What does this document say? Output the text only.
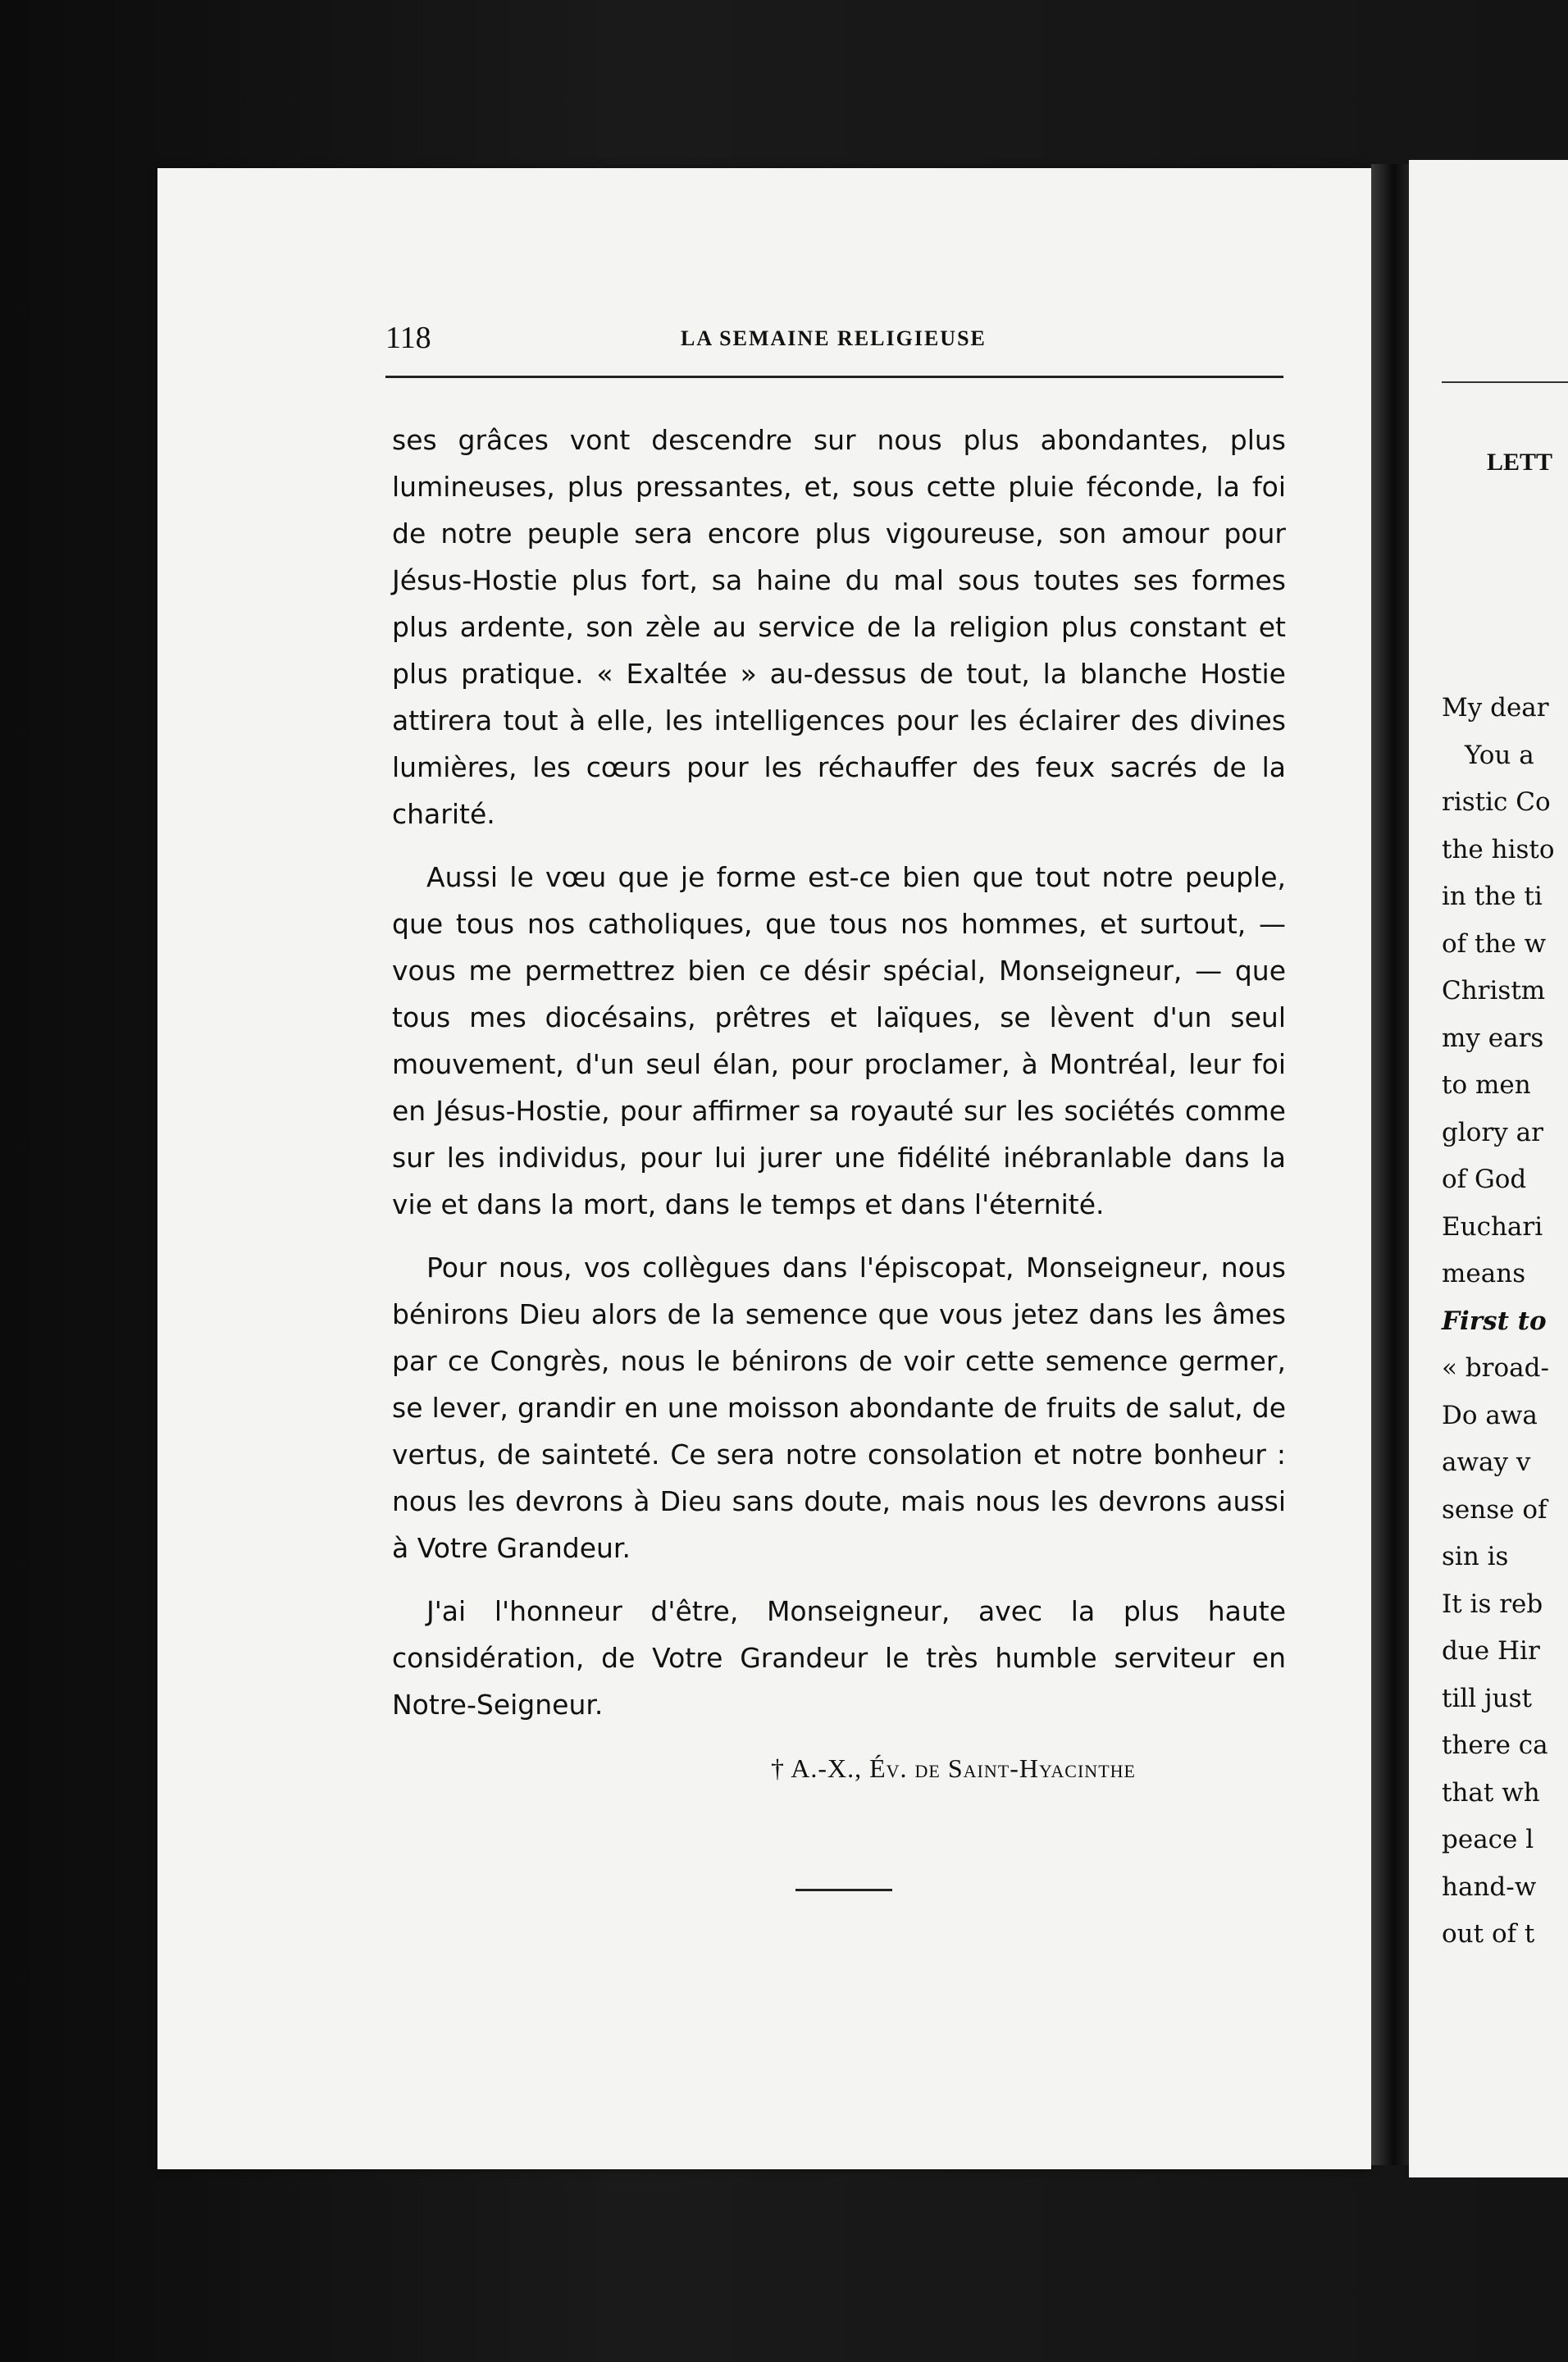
118	LA SEMAINE RELIGIEUSE

ses grâces vont descendre sur nous plus abondantes, plus lumineuses, plus pressantes, et, sous cette pluie féconde, la foi de notre peuple sera encore plus vigoureuse, son amour pour Jésus-Hostie plus fort, sa haine du mal sous toutes ses formes plus ardente, son zèle au service de la religion plus constant et plus pratique. « Exaltée » au-dessus de tout, la blanche Hostie attirera tout à elle, les intelligences pour les éclairer des divines lumières, les cœurs pour les réchauffer des feux sacrés de la charité.

Aussi le vœu que je forme est-ce bien que tout notre peuple, que tous nos catholiques, que tous nos hommes, et surtout, — vous me permettrez bien ce désir spécial, Monseigneur, — que tous mes diocésains, prêtres et laïques, se lèvent d'un seul mouvement, d'un seul élan, pour proclamer, à Montréal, leur foi en Jésus-Hostie, pour affirmer sa royauté sur les sociétés comme sur les individus, pour lui jurer une fidélité inébranlable dans la vie et dans la mort, dans le temps et dans l'éternité.

Pour nous, vos collègues dans l'épiscopat, Monseigneur, nous bénirons Dieu alors de la semence que vous jetez dans les âmes par ce Congrès, nous le bénirons de voir cette semence germer, se lever, grandir en une moisson abondante de fruits de salut, de vertus, de sainteté. Ce sera notre consolation et notre bonheur : nous les devrons à Dieu sans doute, mais nous les devrons aussi à Votre Grandeur.

J'ai l'honneur d'être, Monseigneur, avec la plus haute considération, de Votre Grandeur le très humble serviteur en Notre-Seigneur.

† A.-X., Év. de Saint-Hyacinthe
LETT
My dear
You a
ristic Co
the histo
in the ti
of the w
Christm
my ears
to men
glory ar
of God
Euchari
means
First to
« broad-
Do awa
away v
sense of
sin is
It is reb
due Hir
till just
there ca
that wh
peace l
hand-w
out of t
